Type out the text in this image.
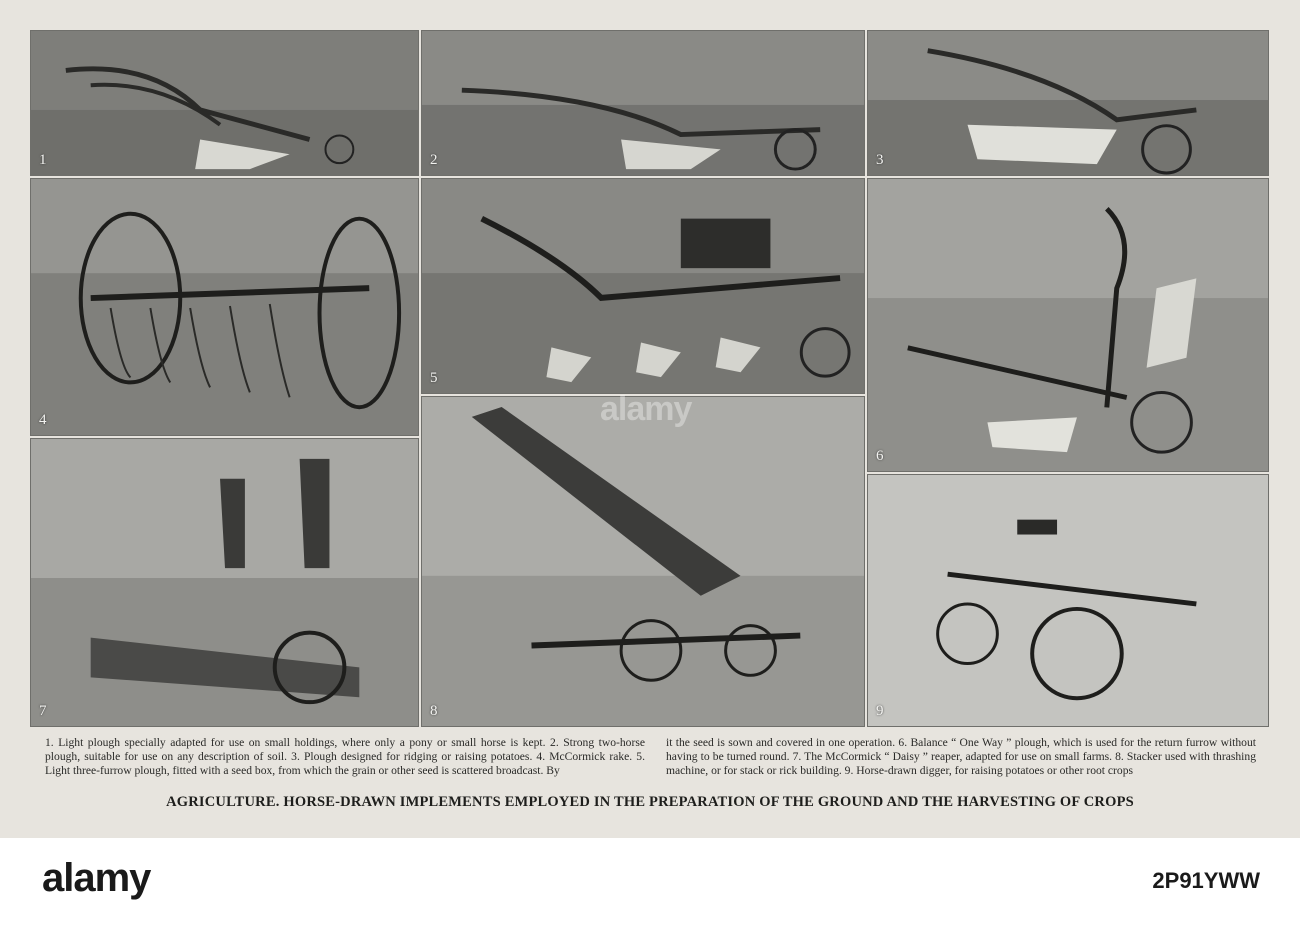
1	2	3
4
5
6
7	8	9
alamy

1. Light plough specially adapted for use on small holdings, where only a pony or small horse is kept. 2. Strong two-horse plough, suitable for use on any description of soil. 3. Plough designed for ridging or raising potatoes. 4. McCormick rake. 5. Light three-furrow plough, fitted with a seed box, from which the grain or other seed is scattered broadcast. By

it the seed is sown and covered in one operation. 6. Balance “ One Way ” plough, which is used for the return furrow without having to be turned round. 7. The McCormick “ Daisy ” reaper, adapted for use on small farms. 8. Stacker used with thrashing machine, or for stack or rick building. 9. Horse-drawn digger, for raising potatoes or other root crops

AGRICULTURE. HORSE-DRAWN IMPLEMENTS EMPLOYED IN THE PREPARATION OF THE GROUND AND THE HARVESTING OF CROPS
alamy	2P91YWW
